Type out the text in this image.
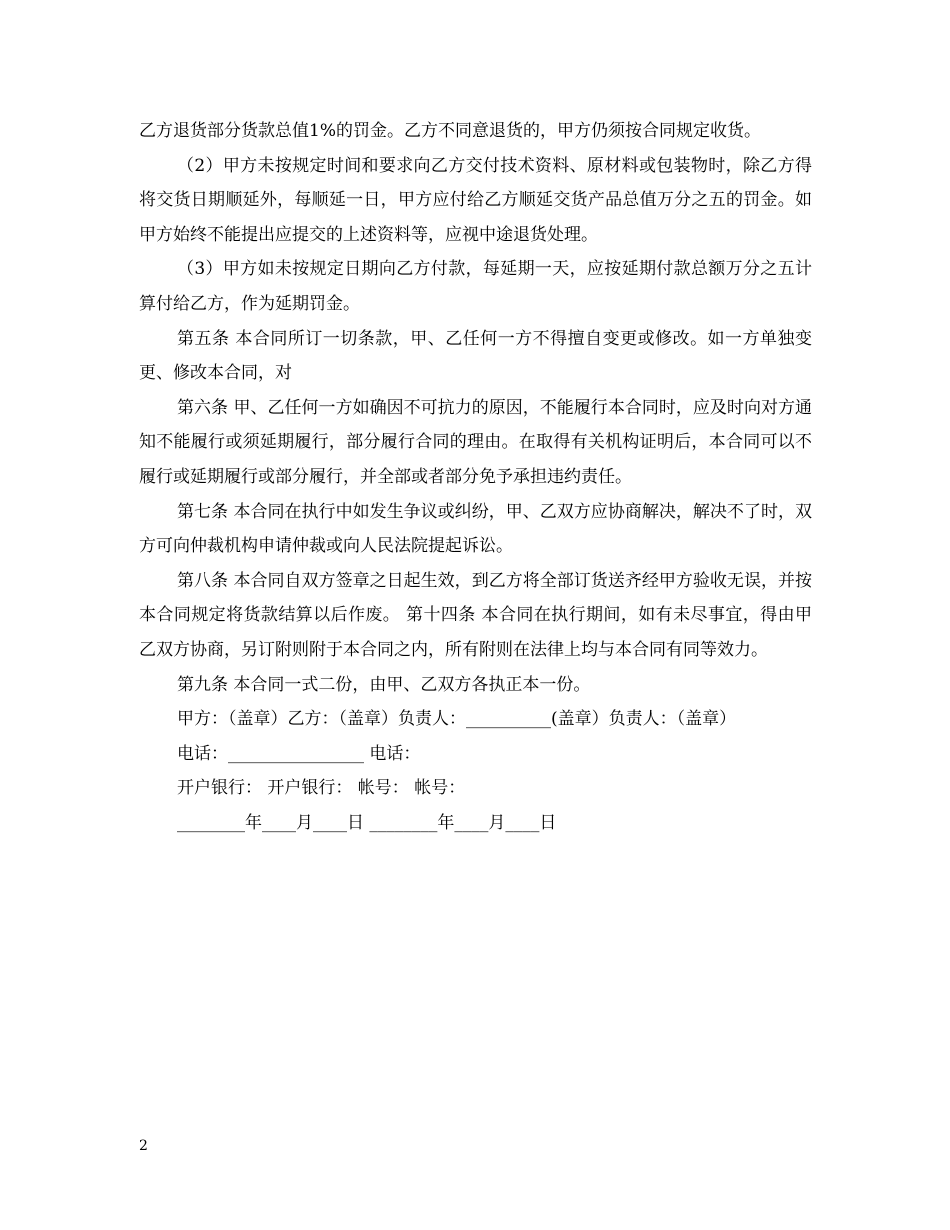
乙方退货部分货款总值1%的罚金。乙方不同意退货的，甲方仍须按合同规定收货。

（2）甲方未按规定时间和要求向乙方交付技术资料、原材料或包装物时，除乙方得将交货日期顺延外，每顺延一日，甲方应付给乙方顺延交货产品总值万分之五的罚金。如甲方始终不能提出应提交的上述资料等，应视中途退货处理。

（3）甲方如未按规定日期向乙方付款，每延期一天，应按延期付款总额万分之五计算付给乙方，作为延期罚金。

第五条 本合同所订一切条款，甲、乙任何一方不得擅自变更或修改。如一方单独变更、修改本合同，对

第六条 甲、乙任何一方如确因不可抗力的原因，不能履行本合同时，应及时向对方通知不能履行或须延期履行，部分履行合同的理由。在取得有关机构证明后，本合同可以不履行或延期履行或部分履行，并全部或者部分免予承担违约责任。

第七条 本合同在执行中如发生争议或纠纷，甲、乙双方应协商解决，解决不了时，双方可向仲裁机构申请仲裁或向人民法院提起诉讼。

第八条 本合同自双方签章之日起生效，到乙方将全部订货送齐经甲方验收无误，并按本合同规定将货款结算以后作废。 第十四条 本合同在执行期间，如有未尽事宜，得由甲乙双方协商，另订附则附于本合同之内，所有附则在法律上均与本合同有同等效力。

第九条 本合同一式二份，由甲、乙双方各执正本一份。

甲方：（盖章）乙方：（盖章）负责人：__________(盖章）负责人：（盖章）

电话：________________ 电话：

开户银行： 开户银行： 帐号： 帐号：

________年____月____日 ________年____月____日

2
